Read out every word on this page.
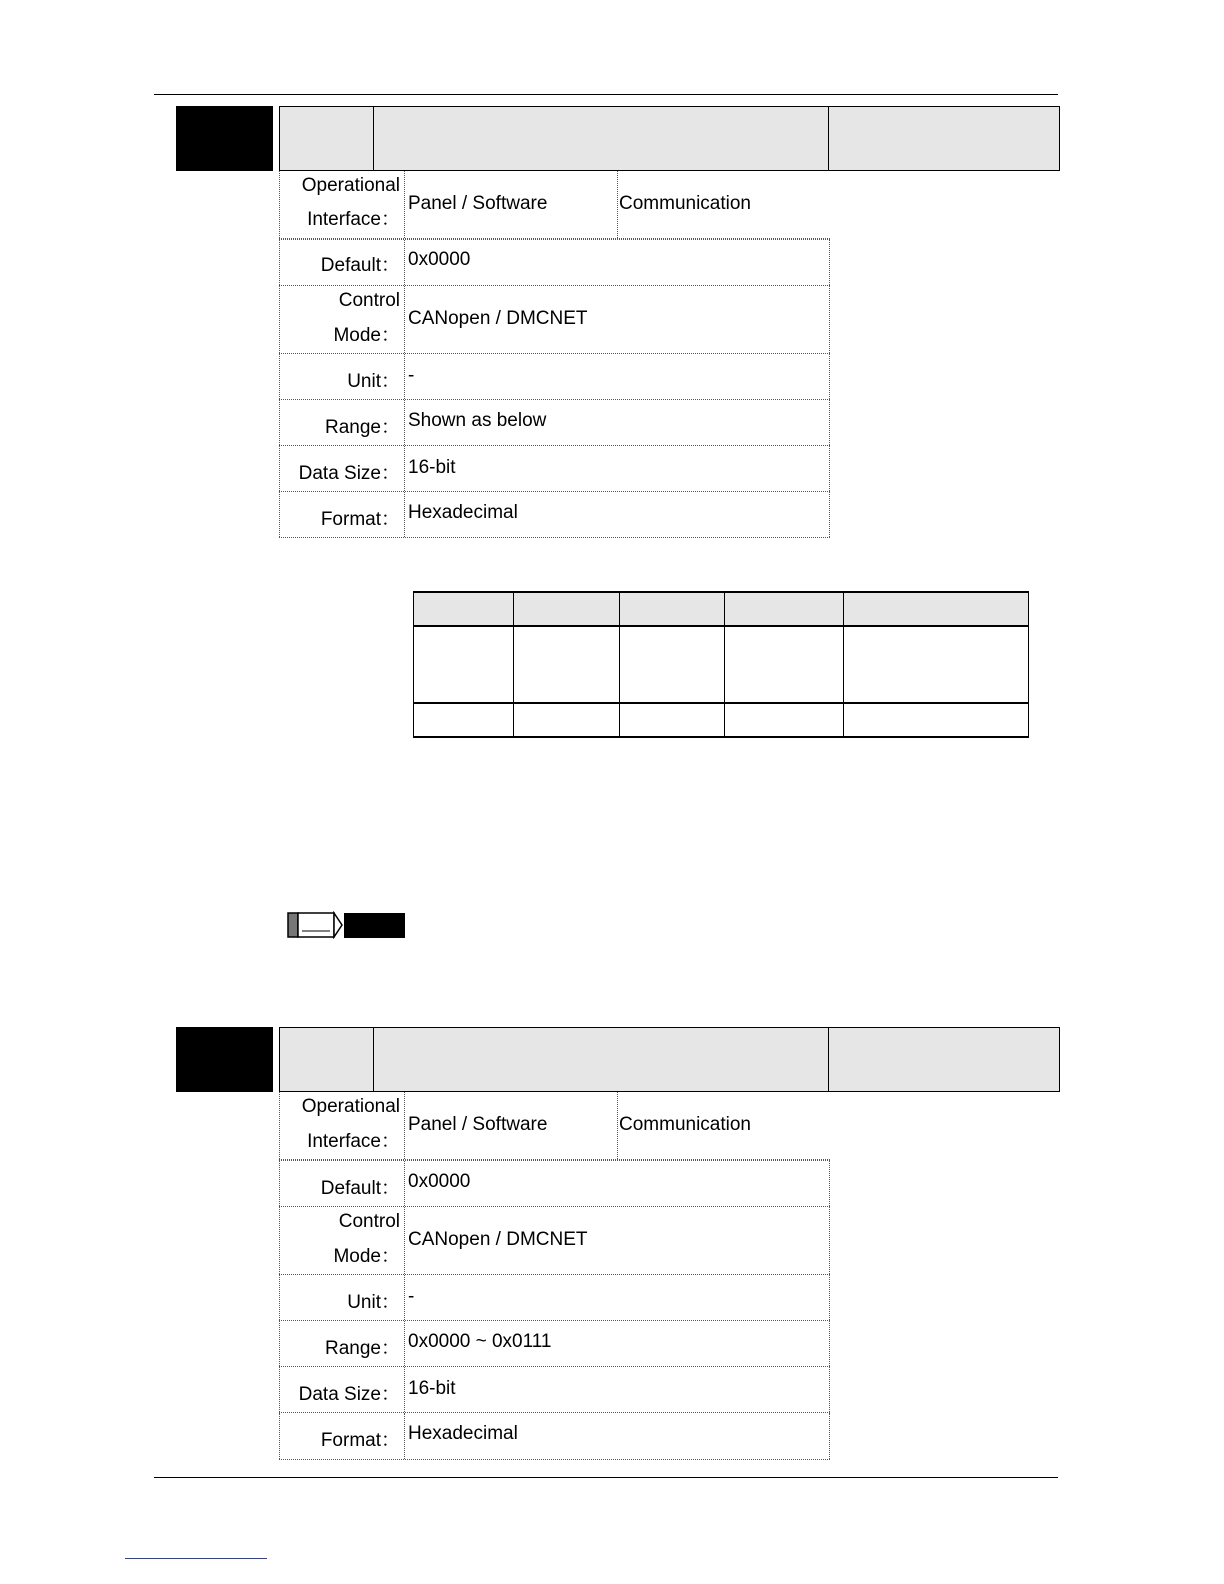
Operational
Interface：
Panel / Software	Communication
Default： 0x0000
Control
Mode：
CANopen / DMCNET
Unit： -
Range： Shown as below
Data Size： 16-bit
Format： Hexadecimal
Operational
Interface：
Panel / Software	Communication
Default： 0x0000
Control
Mode：
CANopen / DMCNET
Unit： -
Range： 0x0000 ~ 0x0111
Data Size： 16-bit
Format： Hexadecimal
